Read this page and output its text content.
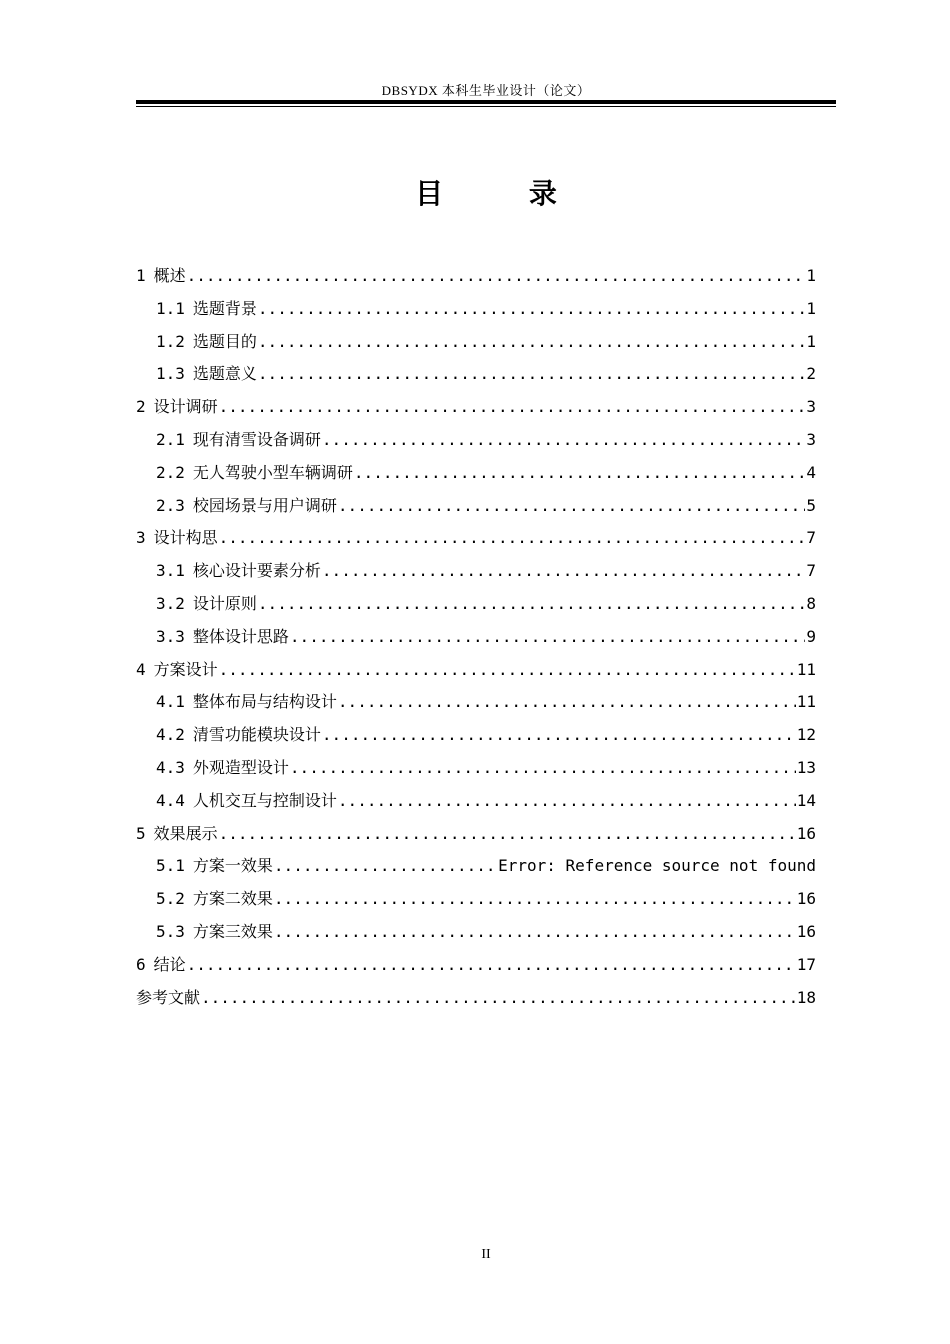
DBSYDX 本科生毕业设计（论文）
目 录
1 概述 .....	1
1.1 选题背景 .....	1
1.2 选题目的 .....	1
1.3 选题意义 .....	2
2 设计调研 .....	3
2.1 现有清雪设备调研 .....	3
2.2 无人驾驶小型车辆调研 .....	4
2.3 校园场景与用户调研 .....	5
3 设计构思 .....	7
3.1 核心设计要素分析 .....	7
3.2 设计原则 .....	8
3.3 整体设计思路 .....	9
4 方案设计 .....	11
4.1 整体布局与结构设计 .....	11
4.2 清雪功能模块设计 .....	12
4.3 外观造型设计 .....	13
4.4 人机交互与控制设计 .....	14
5 效果展示 .....	16
5.1 方案一效果 .....	Error: Reference source not found
5.2 方案二效果 .....	16
5.3 方案三效果 .....	16
6 结论 .....	17
参考文献 .....	18
II
